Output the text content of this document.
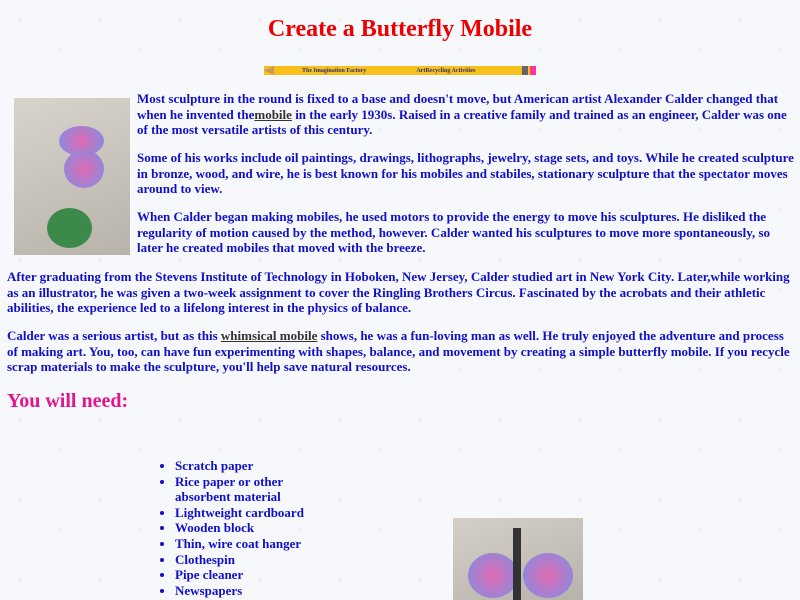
Create a Butterfly Mobile
The Imagination Factory	ArtRecycling Activities

Most sculpture in the round is fixed to a base and doesn't move, but American artist Alexander Calder changed that when he invented themobile in the early 1930s. Raised in a creative family and trained as an engineer, Calder was one of the most versatile artists of this century.

Some of his works include oil paintings, drawings, lithographs, jewelry, stage sets, and toys. While he created sculpture in bronze, wood, and wire, he is best known for his mobiles and stabiles, stationary sculpture that the spectator moves around to view.

When Calder began making mobiles, he used motors to provide the energy to move his sculptures. He disliked the regularity of motion caused by the method, however. Calder wanted his sculptures to move more spontaneously, so later he created mobiles that moved with the breeze.

After graduating from the Stevens Institute of Technology in Hoboken, New Jersey, Calder studied art in New York City. Later,while working as an illustrator, he was given a two-week assignment to cover the Ringling Brothers Circus. Fascinated by the acrobats and their athletic abilities, the experience led to a lifelong interest in the physics of balance.

Calder was a serious artist, but as this whimsical mobile shows, he was a fun-loving man as well. He truly enjoyed the adventure and process of making art. You, too, can have fun experimenting with shapes, balance, and movement by creating a simple butterfly mobile. If you recycle scrap materials to make the sculpture, you'll help save natural resources.

You will need:
• Scratch paper
• Rice paper or other
absorbent material
• Lightweight cardboard
• Wooden block
• Thin, wire coat hanger
• Clothespin
• Pipe cleaner
• Newspapers
